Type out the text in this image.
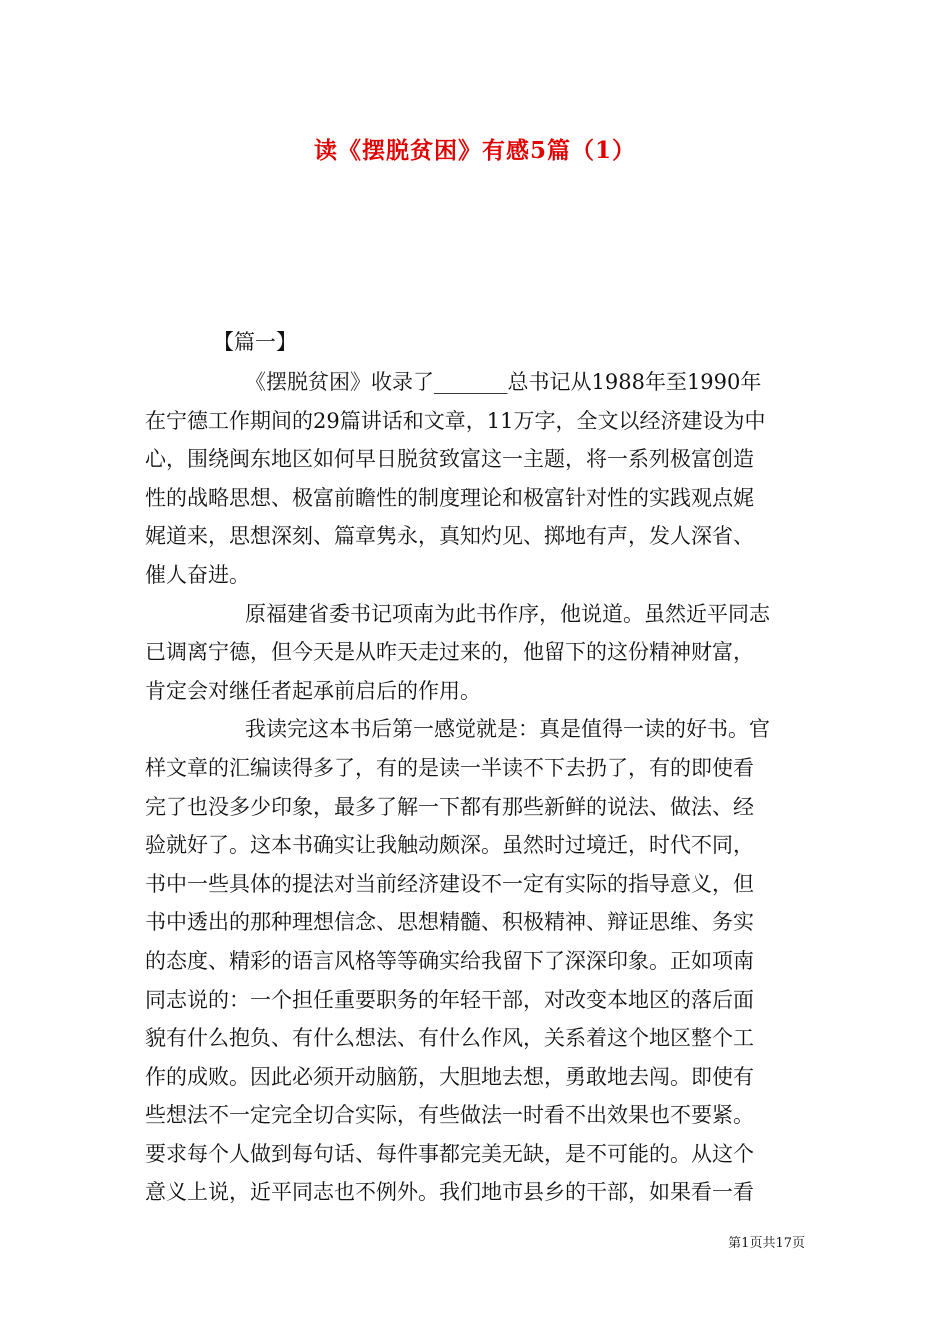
读《摆脱贫困》有感5篇（1）
【篇一】
《摆脱贫困》收录了_______总书记从1988年至1990年
在宁德工作期间的29篇讲话和文章，11万字，全文以经济建设为中
心，围绕闽东地区如何早日脱贫致富这一主题，将一系列极富创造
性的战略思想、极富前瞻性的制度理论和极富针对性的实践观点娓
娓道来，思想深刻、篇章隽永，真知灼见、掷地有声，发人深省、
催人奋进。
原福建省委书记项南为此书作序，他说道。虽然近平同志
已调离宁德，但今天是从昨天走过来的，他留下的这份精神财富，
肯定会对继任者起承前启后的作用。
我读完这本书后第一感觉就是：真是值得一读的好书。官
样文章的汇编读得多了，有的是读一半读不下去扔了，有的即使看
完了也没多少印象，最多了解一下都有那些新鲜的说法、做法、经
验就好了。这本书确实让我触动颇深。虽然时过境迁，时代不同，
书中一些具体的提法对当前经济建设不一定有实际的指导意义，但
书中透出的那种理想信念、思想精髓、积极精神、辩证思维、务实
的态度、精彩的语言风格等等确实给我留下了深深印象。正如项南
同志说的：一个担任重要职务的年轻干部，对改变本地区的落后面
貌有什么抱负、有什么想法、有什么作风，关系着这个地区整个工
作的成败。因此必须开动脑筋，大胆地去想，勇敢地去闯。即使有
些想法不一定完全切合实际，有些做法一时看不出效果也不要紧。
要求每个人做到每句话、每件事都完美无缺，是不可能的。从这个
意义上说，近平同志也不例外。我们地市县乡的干部，如果看一看
第1页共17页
